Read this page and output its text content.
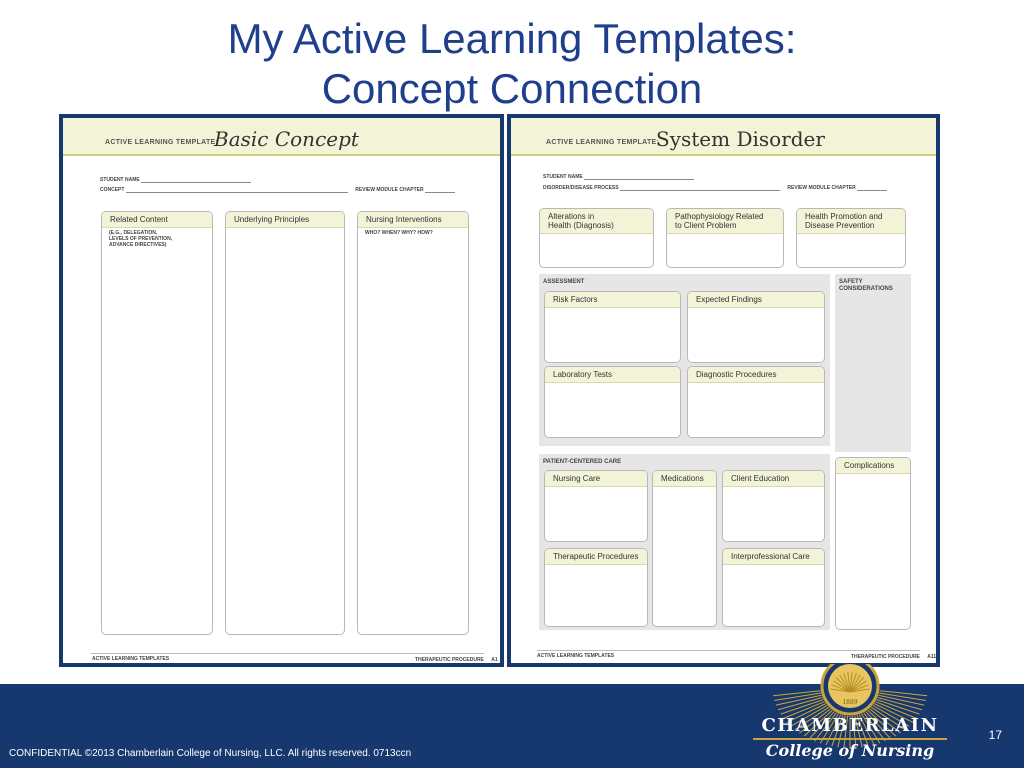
My Active Learning Templates:
Concept Connection
ACTIVE LEARNING TEMPLATE:
Basic Concept
STUDENT NAME
CONCEPT	REVIEW MODULE CHAPTER
Related Content
(E.G., DELEGATION,
LEVELS OF PREVENTION,
ADVANCE DIRECTIVES)
Underlying Principles	Nursing Interventions
WHO? WHEN? WHY? HOW?
ACTIVE LEARNING TEMPLATES	THERAPEUTIC PROCEDURE A1
ACTIVE LEARNING TEMPLATE:
System Disorder
STUDENT NAME
DISORDER/DISEASE PROCESS	REVIEW MODULE CHAPTER
Alterations in
Health (Diagnosis)
Pathophysiology Related
to Client Problem
Health Promotion and
Disease Prevention
ASSESSMENT
Risk Factors	Expected Findings
Laboratory Tests	Diagnostic Procedures
SAFETY
CONSIDERATIONS
PATIENT-CENTERED CARE
Nursing Care	Medications	Client Education
Therapeutic Procedures	Interprofessional Care
Complications
ACTIVE LEARNING TEMPLATES	THERAPEUTIC PROCEDURE A11
CONFIDENTIAL ©2013 Chamberlain College of Nursing, LLC. All rights reserved. 0713ccn
17
1889
CHAMBERLAIN
College of Nursing
